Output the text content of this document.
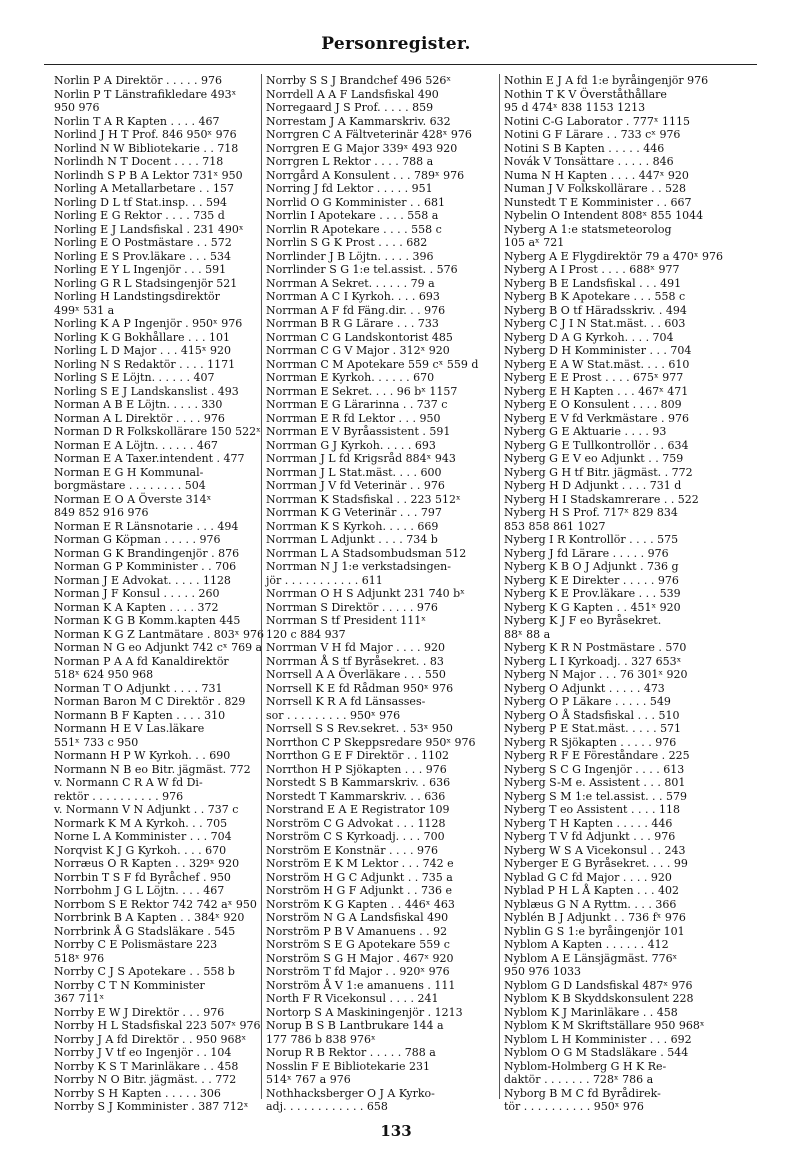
Personregister.
Norlin P A Direktör . . . . . 976
Norlin P T Länstrafikledare 493ˣ
950 976
Norlin T A R Kapten . . . . 467
Norlind J H T Prof. 846 950ˣ 976
Norlind N W Bibliotekarie . . 718
Norlindh N T Docent . . . . 718
Norlindh S P B A Lektor 731ˣ 950
Norling A Metallarbetare . . 157
Norling D L tf Stat.insp. . . 594
Norling E G Rektor . . . . 735 d
Norling E J Landsfiskal . 231 490ˣ
Norling E O Postmästare . . 572
Norling E S Prov.läkare . . . 534
Norling E Y L Ingenjör . . . 591
Norling G R L Stadsingenjör 521
Norling H Landstingsdirektör
499ˣ 531 a
Norling K A P Ingenjör . 950ˣ 976
Norling K G Bokhållare . . . 101
Norling L D Major . . . 415ˣ 920
Norling N S Redaktör . . . . 1171
Norling S E Löjtn. . . . . . 407
Norling S E J Landskanslist . 493
Norman A B E Löjtn. . . . . 330
Norman A L Direktör . . . . 976
Norman D R Folkskollärare 150 522ˣ
Norman E A Löjtn. . . . . . 467
Norman E A Taxer.intendent . 477
Norman E G H Kommunal-
borgmästare . . . . . . . . 504
Norman E O A Överste 314ˣ
849 852 916 976
Norman E R Länsnotarie . . . 494
Norman G Köpman . . . . . 976
Norman G K Brandingenjör . 876
Norman G P Komminister . . 706
Norman J E Advokat. . . . . 1128
Norman J F Konsul . . . . . 260
Norman K A Kapten . . . . 372
Norman K G B Komm.kapten 445
Norman K G Z Lantmätare . 803ˣ 976
Norman N G eo Adjunkt 742 cˣ 769 a
Norman P A A fd Kanaldirektör
518ˣ 624 950 968
Norman T O Adjunkt . . . . 731
Norman Baron M C Direktör . 829
Normann B F Kapten . . . . 310
Normann H E V Las.läkare
551ˣ 733 c 950
Normann H P W Kyrkoh. . . 690
Normann N B eo Bitr. jägmäst. 772
v. Normann C R A W fd Di-
rektör . . . . . . . . . . 976
v. Normann V N Adjunkt . . 737 c
Normark K M A Kyrkoh. . . 705
Norne L A Komminister . . . 704
Norqvist K J G Kyrkoh. . . . 670
Norræus O R Kapten . . 329ˣ 920
Norrbin T S F fd Byråchef . 950
Norrbohm J G L Löjtn. . . . 467
Norrbom S E Rektor 742 742 aˣ 950
Norrbrink B A Kapten . . 384ˣ 920
Norrbrink Å G Stadsläkare . 545
Norrby C E Polismästare 223
518ˣ 976
Norrby C J S Apotekare . . 558 b
Norrby C T N Komminister
367 711ˣ
Norrby E W J Direktör . . . 976
Norrby H L Stadsfiskal 223 507ˣ 976
Norrby J A fd Direktör . . 950 968ˣ
Norrby J V tf eo Ingenjör . . 104
Norrby K S T Marinläkare . . 458
Norrby N O Bitr. jägmäst. . . 772
Norrby S H Kapten . . . . . 306
Norrby S J Komminister . 387 712ˣ
Norrby S S J Brandchef 496 526ˣ
Norrdell A A F Landsfiskal 490
Norregaard J S Prof. . . . . 859
Norrestam J A Kammarskriv. 632
Norrgren C A Fältveterinär 428ˣ 976
Norrgren E G Major 339ˣ 493 920
Norrgren L Rektor . . . . 788 a
Norrgård A Konsulent . . . 789ˣ 976
Norring J fd Lektor . . . . . 951
Norrlid O G Komminister . . 681
Norrlin I Apotekare . . . . 558 a
Norrlin R Apotekare . . . . 558 c
Norrlin S G K Prost . . . . 682
Norrlinder J B Löjtn. . . . . 396
Norrlinder S G 1:e tel.assist. . 576
Norrman A Sekret. . . . . . 79 a
Norrman A C I Kyrkoh. . . . 693
Norrman A F fd Fäng.dir. . . 976
Norrman B R G Lärare . . . 733
Norrman C G Landskontorist 485
Norrman C G V Major . 312ˣ 920
Norrman C M Apotekare 559 cˣ 559 d
Norrman E Kyrkoh. . . . . . 670
Norrman E Sekret. . . . 96 bˣ 1157
Norrman E G Lärarinna . . 737 c
Norrman E R fd Lektor . . . 950
Norrman E V Byråassistent . 591
Norrman G J Kyrkoh. . . . . 693
Norrman J L fd Krigsråd 884ˣ 943
Norrman J L Stat.mäst. . . . 600
Norrman J V fd Veterinär . . 976
Norrman K Stadsfiskal . . 223 512ˣ
Norrman K G Veterinär . . . 797
Norrman K S Kyrkoh. . . . . 669
Norrman L Adjunkt . . . . 734 b
Norrman L A Stadsombudsman 512
Norrman N J 1:e verkstadsingen-
jör . . . . . . . . . . . 611
Norrman O H S Adjunkt 231 740 bˣ
Norrman S Direktör . . . . . 976
Norrman S tf President 111ˣ
120 c 884 937
Norrman V H fd Major . . . . 920
Norrman Å S tf Byråsekret. . 83
Norrsell A A Överläkare . . . 550
Norrsell K E fd Rådman 950ˣ 976
Norrsell K R A fd Länsasses-
sor . . . . . . . . . 950ˣ 976
Norrsell S S Rev.sekret. . 53ˣ 950
Norrthon C P Skeppsredare 950ˣ 976
Norrthon G E F Direktör . . 1102
Norrthon H P Sjökapten . . . 976
Norstedt S B Kammarskriv. . 636
Norstedt T Kammarskriv. . . 636
Norstrand E A E Registrator 109
Norström C G Advokat . . . 1128
Norström C S Kyrkoadj. . . . 700
Norström E Konstnär . . . . 976
Norström E K M Lektor . . . 742 e
Norström H G C Adjunkt . . 735 a
Norström H G F Adjunkt . . 736 e
Norström K G Kapten . . 446ˣ 463
Norström N G A Landsfiskal 490
Norström P B V Amanuens . . 92
Norström S E G Apotekare 559 c
Norström S G H Major . 467ˣ 920
Norström T fd Major . . 920ˣ 976
Norström Å V 1:e amanuens . 111
North F R Vicekonsul . . . . 241
Nortorp S A Maskiningenjör . 1213
Norup B S B Lantbrukare 144 a
177 786 b 838 976ˣ
Norup R B Rektor . . . . . 788 a
Nosslin F E Bibliotekarie 231
514ˣ 767 a 976
Nothhacksberger O J A Kyrko-
adj. . . . . . . . . . . . 658
Nothin E J A fd 1:e byråingenjör 976
Nothin T K V Överståthållare
95 d 474ˣ 838 1153 1213
Notini C-G Laborator . 777ˣ 1115
Notini G F Lärare . . 733 cˣ 976
Notini S B Kapten . . . . . 446
Novák V Tonsättare . . . . . 846
Numa N H Kapten . . . . 447ˣ 920
Numan J V Folkskollärare . . 528
Nunstedt T E Komminister . . 667
Nybelin O Intendent 808ˣ 855 1044
Nyberg A 1:e statsmeteorolog
105 aˣ 721
Nyberg A E Flygdirektör 79 a 470ˣ 976
Nyberg A I Prost . . . . 688ˣ 977
Nyberg B E Landsfiskal . . . 491
Nyberg B K Apotekare . . . 558 c
Nyberg B O tf Häradsskriv. . 494
Nyberg C J I N Stat.mäst. . . 603
Nyberg D A G Kyrkoh. . . . 704
Nyberg D H Komminister . . . 704
Nyberg E A W Stat.mäst. . . . 610
Nyberg E E Prost . . . . 675ˣ 977
Nyberg E H Kapten . . . 467ˣ 471
Nyberg E O Konsulent . . . . 809
Nyberg E V fd Verkmästare . 976
Nyberg G E Aktuarie . . . . 93
Nyberg G E Tullkontrollör . . 634
Nyberg G E V eo Adjunkt . . 759
Nyberg G H tf Bitr. jägmäst. . 772
Nyberg H D Adjunkt . . . . 731 d
Nyberg H I Stadskamrerare . . 522
Nyberg H S Prof. 717ˣ 829 834
853 858 861 1027
Nyberg I R Kontrollör . . . . 575
Nyberg J fd Lärare . . . . . 976
Nyberg K B O J Adjunkt . 736 g
Nyberg K E Direkter . . . . . 976
Nyberg K E Prov.läkare . . . 539
Nyberg K G Kapten . . 451ˣ 920
Nyberg K J F eo Byråsekret.
88ˣ 88 a
Nyberg K R N Postmästare . 570
Nyberg L I Kyrkoadj. . 327 653ˣ
Nyberg N Major . . . 76 301ˣ 920
Nyberg O Adjunkt . . . . . 473
Nyberg O P Läkare . . . . . 549
Nyberg O Å Stadsfiskal . . . 510
Nyberg P E Stat.mäst. . . . . 571
Nyberg R Sjökapten . . . . . 976
Nyberg R F E Föreståndare . 225
Nyberg S C G Ingenjör . . . . 613
Nyberg S-M e. Assistent . . . 801
Nyberg S M 1:e tel.assist. . . 579
Nyberg T eo Assistent . . . . 118
Nyberg T H Kapten . . . . . 446
Nyberg T V fd Adjunkt . . . 976
Nyberg W S A Vicekonsul . . 243
Nyberger E G Byråsekret. . . . 99
Nyblad G C fd Major . . . . 920
Nyblad P H L Å Kapten . . . 402
Nyblæus G N A Ryttm. . . . 366
Nyblén B J Adjunkt . . 736 fˣ 976
Nyblin G S 1:e byråingenjör 101
Nyblom A Kapten . . . . . . 412
Nyblom A E Länsjägmäst. 776ˣ
950 976 1033
Nyblom G D Landsfiskal 487ˣ 976
Nyblom K B Skyddskonsulent 228
Nyblom K J Marinläkare . . 458
Nyblom K M Skriftställare 950 968ˣ
Nyblom L H Komminister . . . 692
Nyblom O G M Stadsläkare . 544
Nyblom-Holmberg G H K Re-
daktör . . . . . . . 728ˣ 786 a
Nyborg B M C fd Byrådirek-
tör . . . . . . . . . . 950ˣ 976
133
